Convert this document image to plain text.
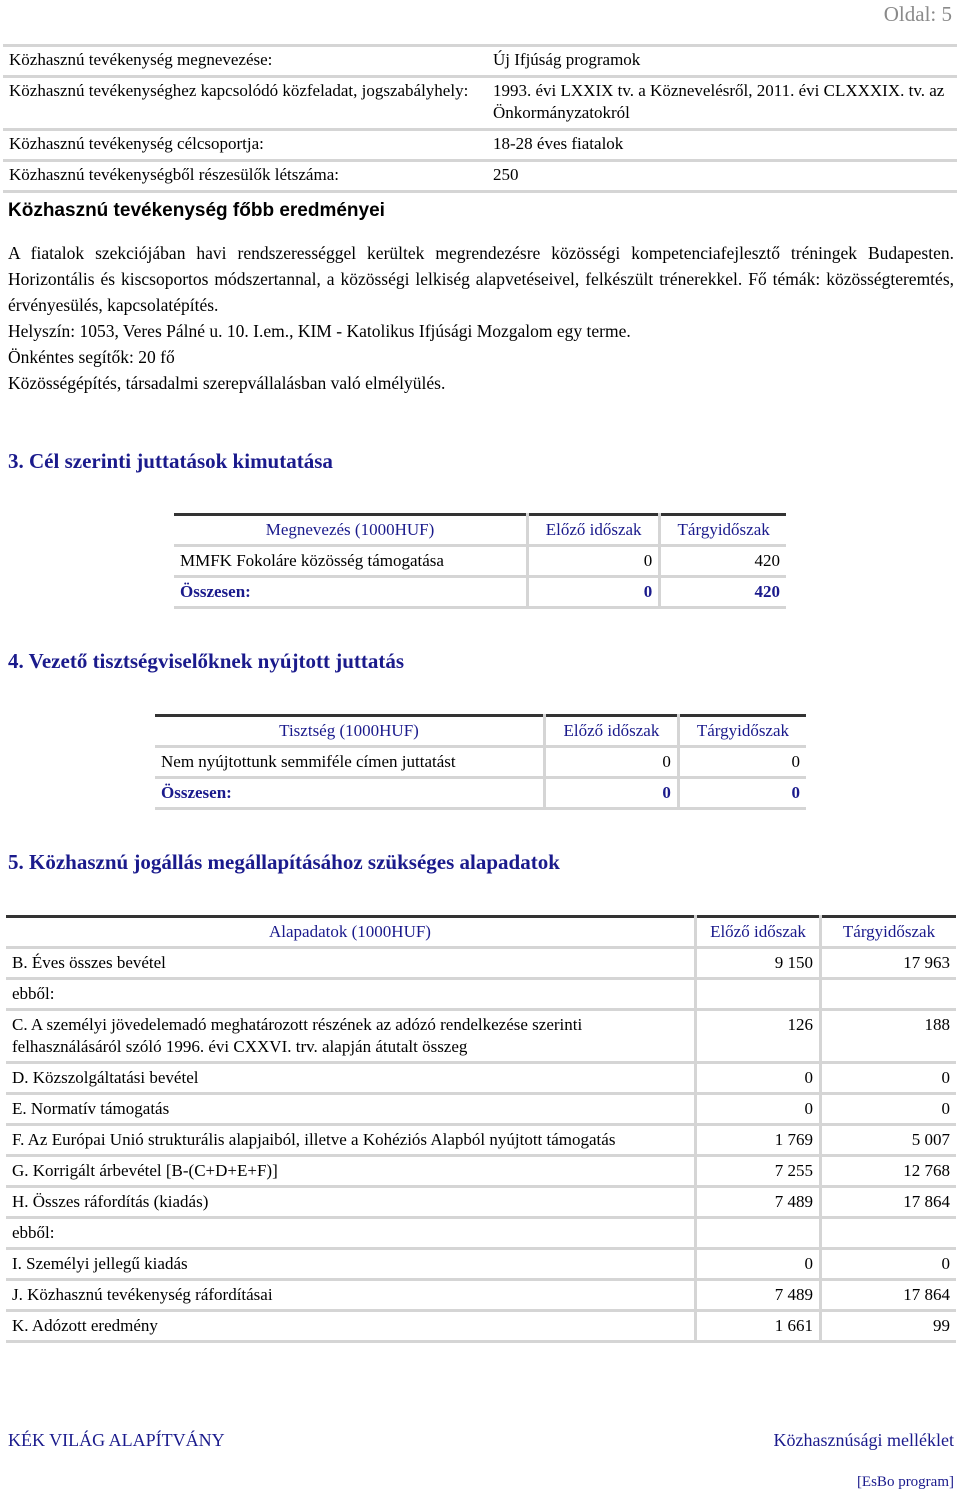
Oldal: 5
Közhasznú tevékenység megnevezése:	Új Ifjúság programok
Közhasznú tevékenységhez kapcsolódó közfeladat, jogszabályhely:	1993. évi LXXIX tv. a Köznevelésről, 2011. évi CLXXXIX. tv. az Önkormányzatokról
Közhasznú tevékenység célcsoportja:	18-28 éves fiatalok
Közhasznú tevékenységből részesülők létszáma:	250
Közhasznú tevékenység főbb eredményei

A fiatalok szekciójában havi rendszerességgel kerültek megrendezésre közösségi kompetenciafejlesztő tréningek Budapesten. Horizontális és kiscsoportos módszertannal, a közösségi lelkiség alapvetéseivel, felkészült trénerekkel. Fő témák: közösségteremtés, érvényesülés, kapcsolatépítés.

Helyszín: 1053, Veres Pálné u. 10. I.em., KIM - Katolikus Ifjúsági Mozgalom egy terme.

Önkéntes segítők: 20 fő

Közösségépítés, társadalmi szerepvállalásban való elmélyülés.

3. Cél szerinti juttatások kimutatása
Megnevezés (1000HUF)	Előző időszak	Tárgyidőszak
MMFK Fokoláre közösség támogatása	0	420
Összesen:	0	420
4. Vezető tisztségviselőknek nyújtott juttatás
Tisztség (1000HUF)	Előző időszak	Tárgyidőszak
Nem nyújtottunk semmiféle címen juttatást	0	0
Összesen:	0	0
5. Közhasznú jogállás megállapításához szükséges alapadatok
Alapadatok (1000HUF)	Előző időszak	Tárgyidőszak
B. Éves összes bevétel	9 150	17 963
ebből:		
C. A személyi jövedelemadó meghatározott részének az adózó rendelkezése szerinti felhasználásáról szóló 1996. évi CXXVI. trv. alapján átutalt összeg	126	188
D. Közszolgáltatási bevétel	0	0
E. Normatív támogatás	0	0
F. Az Európai Unió strukturális alapjaiból, illetve a Kohéziós Alapból nyújtott támogatás	1 769	5 007
G. Korrigált árbevétel [B-(C+D+E+F)]	7 255	12 768
H. Összes ráfordítás (kiadás)	7 489	17 864
ebből:		
I. Személyi jellegű kiadás	0	0
J. Közhasznú tevékenység ráfordításai	7 489	17 864
K. Adózott eredmény	1 661	99
KÉK VILÁG ALAPÍTVÁNY	Közhasznúsági melléklet
[EsBo program]
